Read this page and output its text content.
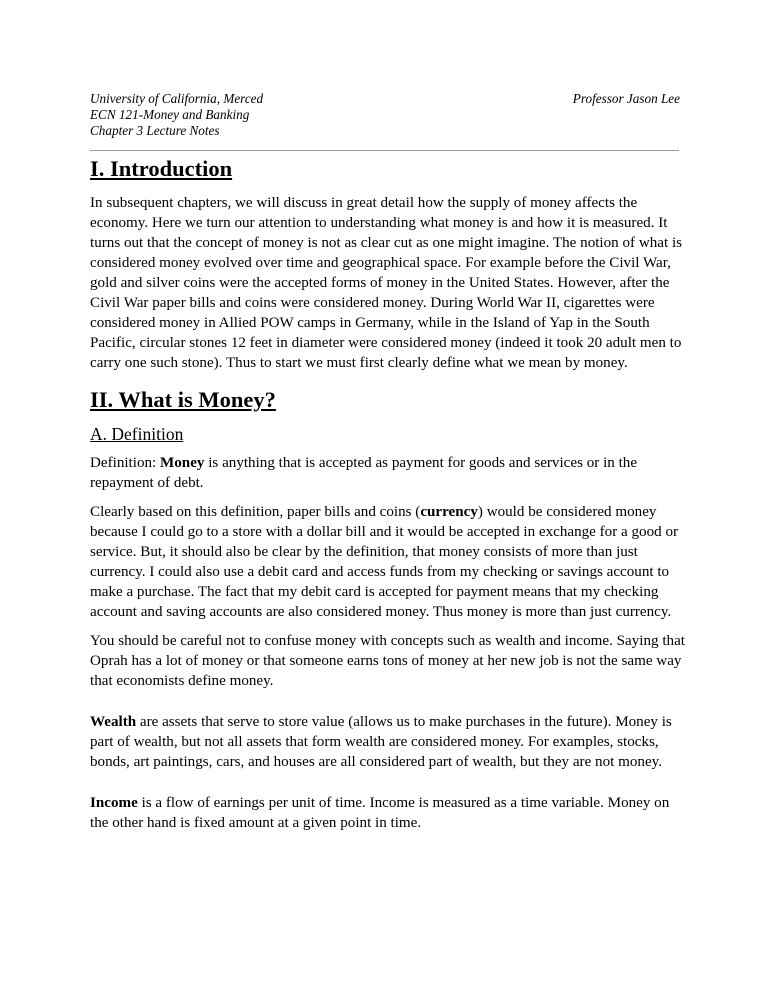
University of California, Merced
ECN 121-Money and Banking
Chapter 3 Lecture Notes
Professor Jason Lee
I. Introduction

In subsequent chapters, we will discuss in great detail how the supply of money affects the economy. Here we turn our attention to understanding what money is and how it is measured. It turns out that the concept of money is not as clear cut as one might imagine. The notion of what is considered money evolved over time and geographical space. For example before the Civil War, gold and silver coins were the accepted forms of money in the United States. However, after the Civil War paper bills and coins were considered money. During World War II, cigarettes were considered money in Allied POW camps in Germany, while in the Island of Yap in the South Pacific, circular stones 12 feet in diameter were considered money (indeed it took 20 adult men to carry one such stone). Thus to start we must first clearly define what we mean by money.

II. What is Money?
A. Definition

Definition: Money is anything that is accepted as payment for goods and services or in the repayment of debt.

Clearly based on this definition, paper bills and coins (currency) would be considered money because I could go to a store with a dollar bill and it would be accepted in exchange for a good or service. But, it should also be clear by the definition, that money consists of more than just currency. I could also use a debit card and access funds from my checking or savings account to make a purchase. The fact that my debit card is accepted for payment means that my checking account and saving accounts are also considered money. Thus money is more than just currency.

You should be careful not to confuse money with concepts such as wealth and income. Saying that Oprah has a lot of money or that someone earns tons of money at her new job is not the same way that economists define money.

Wealth are assets that serve to store value (allows us to make purchases in the future). Money is part of wealth, but not all assets that form wealth are considered money. For examples, stocks, bonds, art paintings, cars, and houses are all considered part of wealth, but they are not money.

Income is a flow of earnings per unit of time. Income is measured as a time variable. Money on the other hand is fixed amount at a given point in time.
